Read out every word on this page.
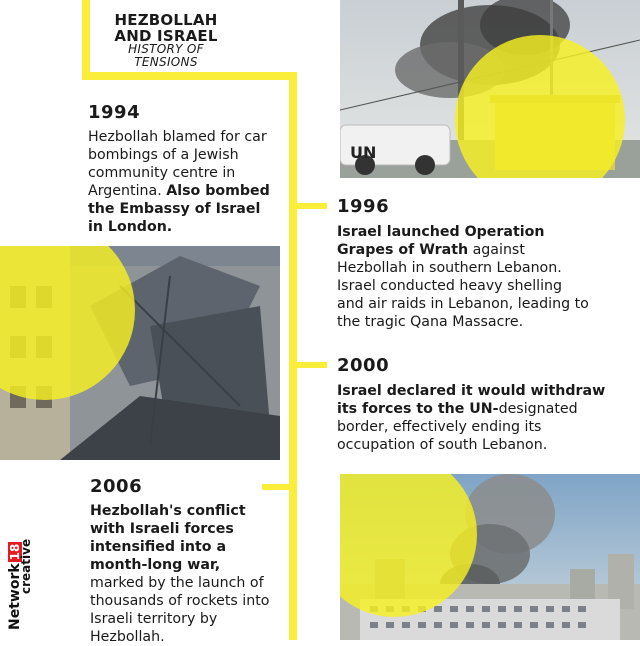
HEZBOLLAH
AND ISRAEL
HISTORY OF
TENSIONS
UN
1994
Hezbollah blamed for car bombings of a Jewish community centre in Argentina. Also bombed the Embassy of Israel in London.
1996
Israel launched Operation Grapes of Wrath against Hezbollah in southern Lebanon. Israel conducted heavy shelling and air raids in Lebanon, leading to the tragic Qana Massacre.
2000
Israel declared it would withdraw its forces to the UN-designated border, effectively ending its occupation of south Lebanon.
2006
Hezbollah's conflict with Israeli forces intensified into a month-long war, marked by the launch of thousands of rockets into Israeli territory by Hezbollah.
Network18
creative
